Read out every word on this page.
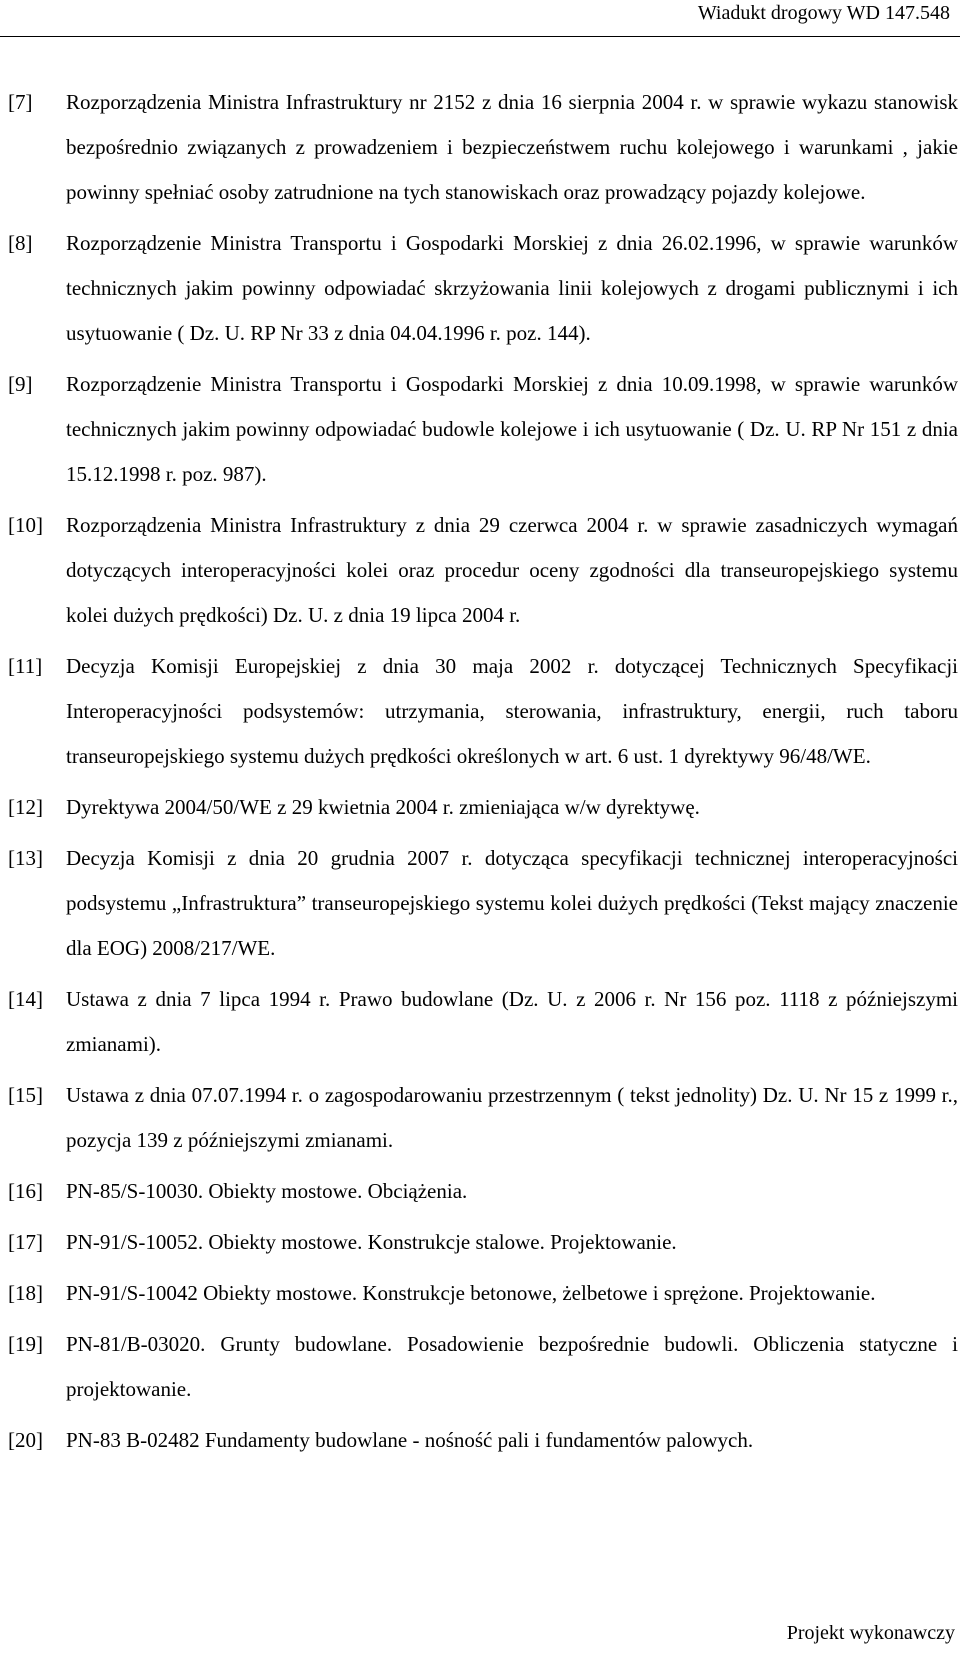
Wiadukt drogowy WD 147.548
[7]	Rozporządzenia Ministra Infrastruktury nr 2152 z dnia 16 sierpnia 2004 r. w sprawie wykazu stanowisk bezpośrednio związanych z prowadzeniem i bezpieczeństwem ruchu kolejowego i warunkami , jakie powinny spełniać osoby zatrudnione na tych stanowiskach oraz prowadzący pojazdy kolejowe.
[8]	Rozporządzenie Ministra Transportu i Gospodarki Morskiej z dnia 26.02.1996, w sprawie warunków technicznych jakim powinny odpowiadać skrzyżowania linii kolejowych z drogami publicznymi i ich usytuowanie ( Dz. U. RP Nr 33 z dnia 04.04.1996 r. poz. 144).
[9]	Rozporządzenie Ministra Transportu i Gospodarki Morskiej z dnia 10.09.1998, w sprawie warunków technicznych jakim powinny odpowiadać budowle kolejowe i ich usytuowanie ( Dz. U. RP Nr 151 z dnia 15.12.1998 r. poz. 987).
[10]	Rozporządzenia Ministra Infrastruktury z dnia 29 czerwca 2004 r. w sprawie zasadniczych wymagań dotyczących interoperacyjności kolei oraz procedur oceny zgodności dla transeuropejskiego systemu kolei dużych prędkości) Dz. U. z dnia 19 lipca 2004 r.
[11]	Decyzja Komisji Europejskiej z dnia 30 maja 2002 r. dotyczącej Technicznych Specyfikacji Interoperacyjności podsystemów: utrzymania, sterowania, infrastruktury, energii, ruch taboru transeuropejskiego systemu dużych prędkości określonych w art. 6 ust. 1 dyrektywy 96/48/WE.
[12]	Dyrektywa 2004/50/WE z 29 kwietnia 2004 r. zmieniająca w/w dyrektywę.
[13]	Decyzja Komisji z dnia 20 grudnia 2007 r. dotycząca specyfikacji technicznej interoperacyjności podsystemu „Infrastruktura” transeuropejskiego systemu kolei dużych prędkości (Tekst mający znaczenie dla EOG) 2008/217/WE.
[14]	Ustawa z dnia 7 lipca 1994 r. Prawo budowlane (Dz. U. z 2006 r. Nr 156 poz. 1118 z późniejszymi zmianami).
[15]	Ustawa z dnia 07.07.1994 r. o zagospodarowaniu przestrzennym ( tekst jednolity) Dz. U. Nr 15 z 1999 r., pozycja 139 z późniejszymi zmianami.
[16]	PN-85/S-10030. Obiekty mostowe. Obciążenia.
[17]	PN-91/S-10052. Obiekty mostowe. Konstrukcje stalowe. Projektowanie.
[18]	PN-91/S-10042 Obiekty mostowe. Konstrukcje betonowe, żelbetowe i sprężone. Projektowanie.
[19]	PN-81/B-03020. Grunty budowlane. Posadowienie bezpośrednie budowli. Obliczenia statyczne i projektowanie.
[20]	PN-83 B-02482 Fundamenty budowlane - nośność pali i fundamentów palowych.
Projekt wykonawczy
